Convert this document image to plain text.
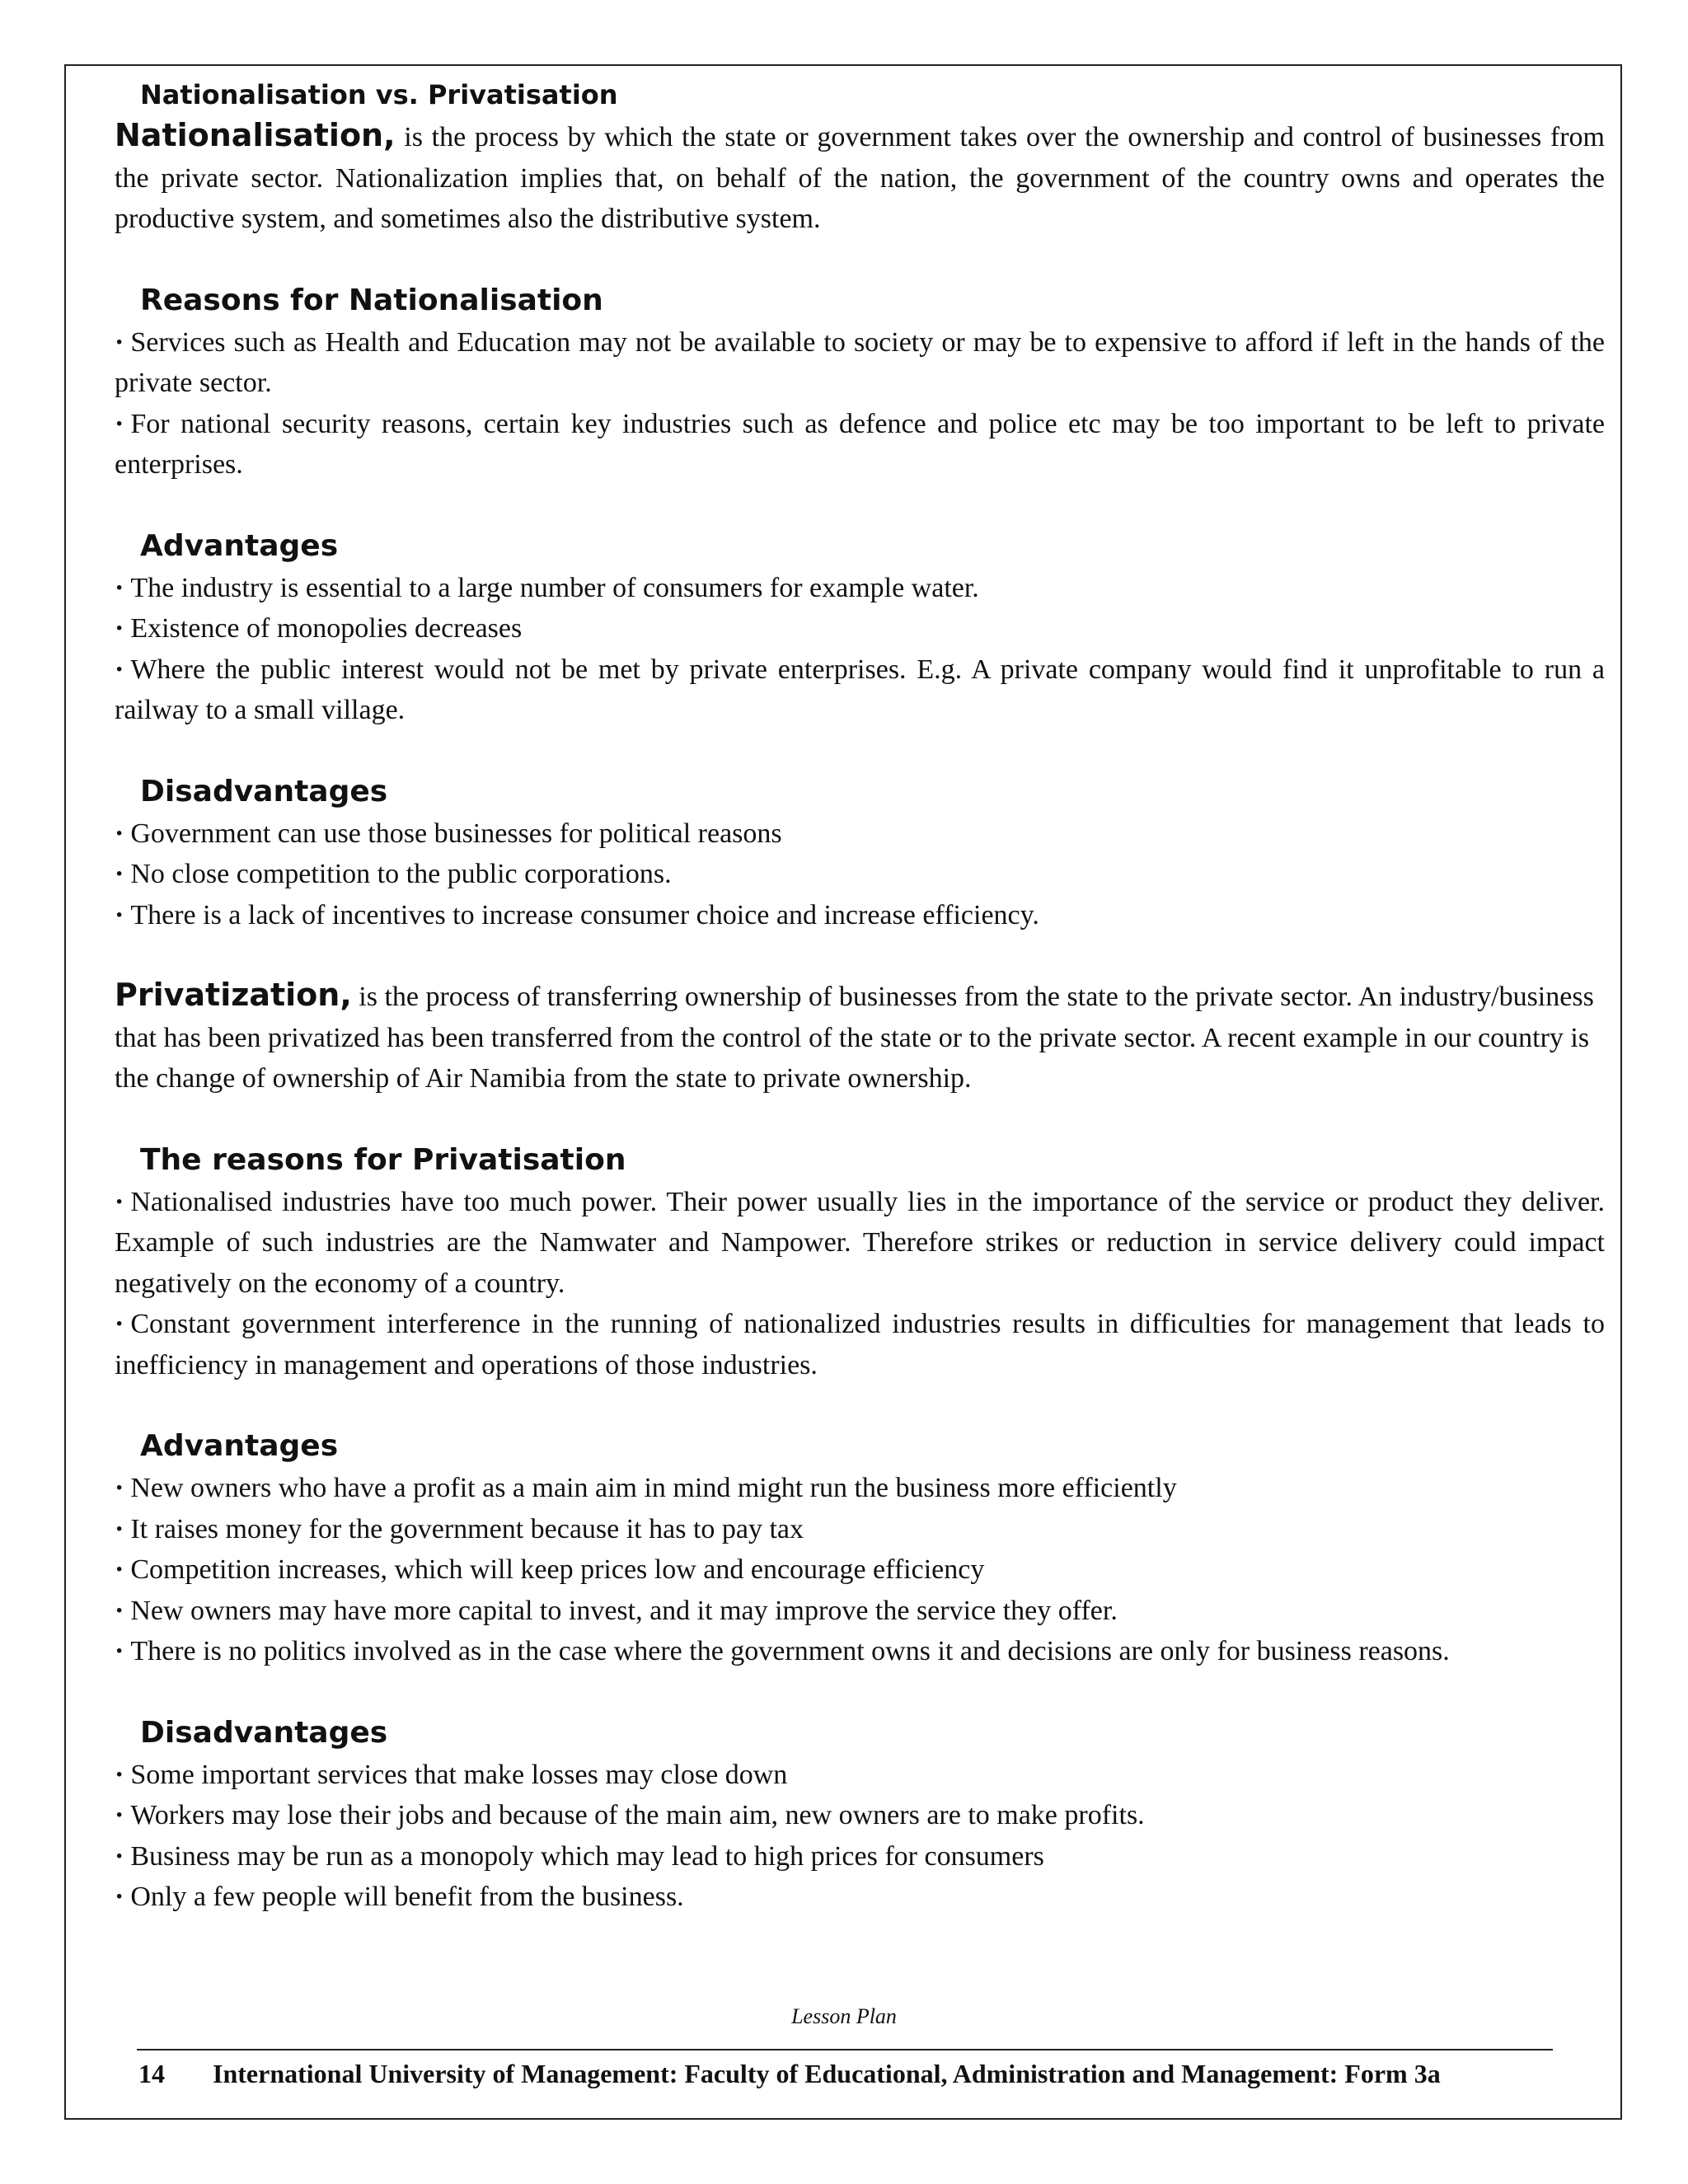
Nationalisation vs. Privatisation

Nationalisation, is the process by which the state or government takes over the ownership and control of businesses from the private sector. Nationalization implies that, on behalf of the nation, the government of the country owns and operates the productive system, and sometimes also the distributive system.

Reasons for Nationalisation

· Services such as Health and Education may not be available to society or may be to expensive to afford if left in the hands of the private sector.

· For national security reasons, certain key industries such as defence and police etc may be too important to be left to private enterprises.

Advantages

· The industry is essential to a large number of consumers for example water.

· Existence of monopolies decreases

· Where the public interest would not be met by private enterprises. E.g. A private company would find it unprofitable to run a railway to a small village.

Disadvantages

· Government can use those businesses for political reasons

· No close competition to the public corporations.

· There is a lack of incentives to increase consumer choice and increase efficiency.

Privatization, is the process of transferring ownership of businesses from the state to the private sector. An industry/business that has been privatized has been transferred from the control of the state or to the private sector. A recent example in our country is the change of ownership of Air Namibia from the state to private ownership.

The reasons for Privatisation

· Nationalised industries have too much power. Their power usually lies in the importance of the service or product they deliver. Example of such industries are the Namwater and Nampower. Therefore strikes or reduction in service delivery could impact negatively on the economy of a country.

· Constant government interference in the running of nationalized industries results in difficulties for management that leads to inefficiency in management and operations of those industries.

Advantages

· New owners who have a profit as a main aim in mind might run the business more efficiently

· It raises money for the government because it has to pay tax

· Competition increases, which will keep prices low and encourage efficiency

· New owners may have more capital to invest, and it may improve the service they offer.

· There is no politics involved as in the case where the government owns it and decisions are only for business reasons.

Disadvantages

· Some important services that make losses may close down

· Workers may lose their jobs and because of the main aim, new owners are to make profits.

· Business may be run as a monopoly which may lead to high prices for consumers

· Only a few people will benefit from the business.

Lesson Plan
14 International University of Management: Faculty of Educational, Administration and Management: Form 3a
